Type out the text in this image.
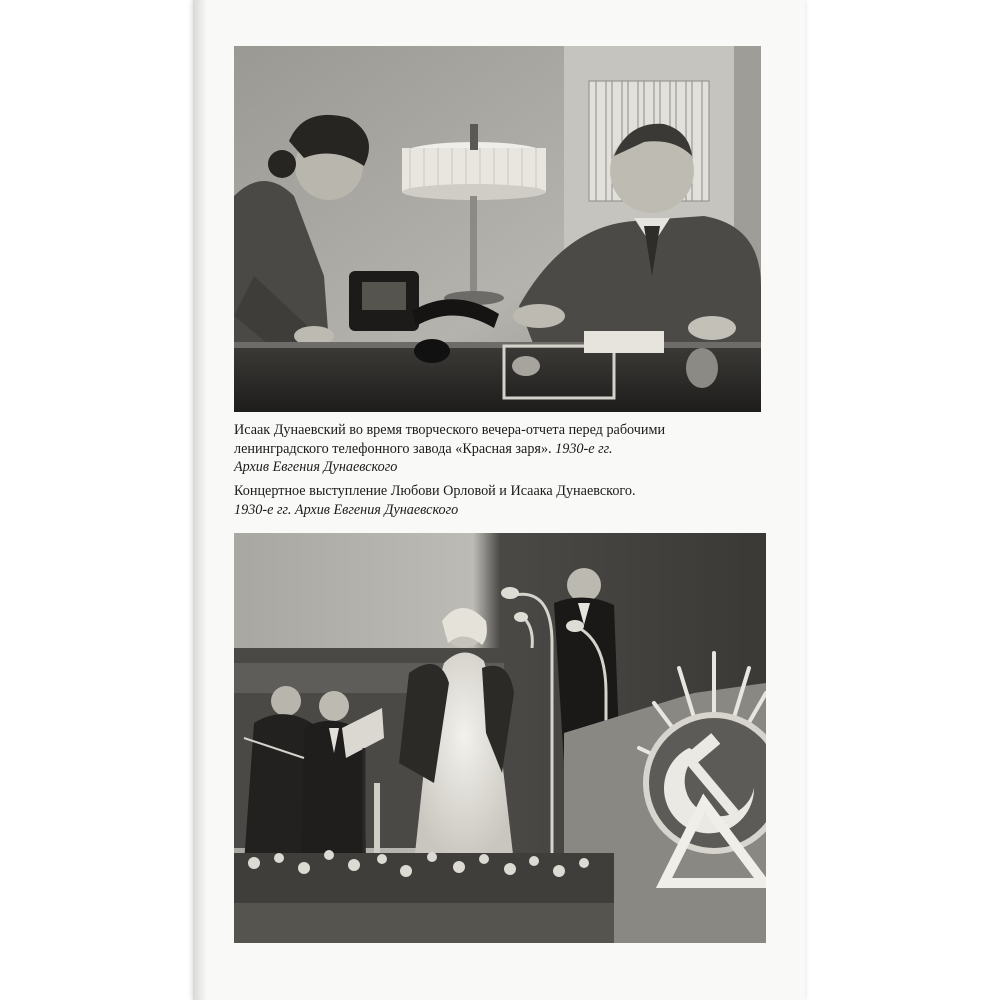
Исаак Дунаевский во время творческого вечера-отчета перед рабочими
ленинградского телефонного завода «Красная заря». 1930-е гг.
Архив Евгения Дунаевского
Концертное выступление Любови Орловой и Исаака Дунаевского.
1930-е гг. Архив Евгения Дунаевского
